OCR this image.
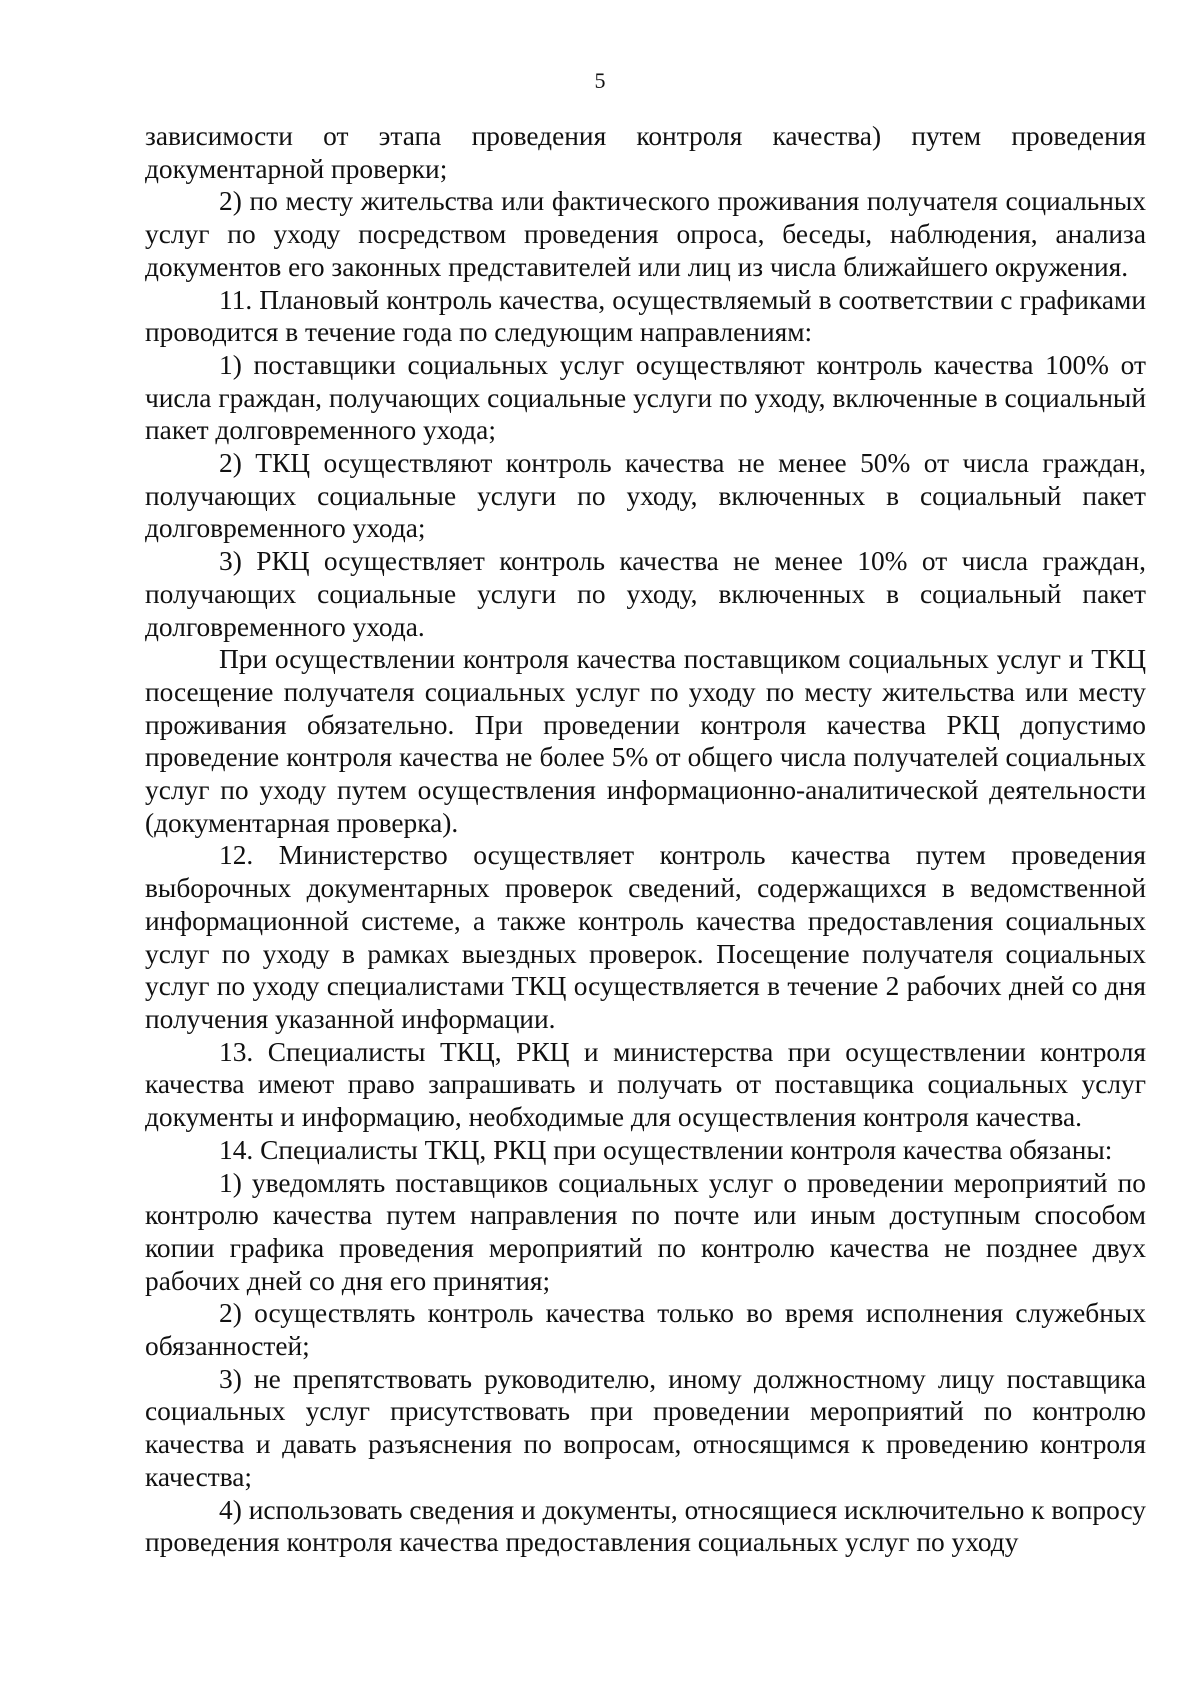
5

зависимости от этапа проведения контроля качества) путем проведения документарной проверки;

2) по месту жительства или фактического проживания получателя социальных услуг по уходу посредством проведения опроса, беседы, наблюдения, анализа документов его законных представителей или лиц из числа ближайшего окружения.

11. Плановый контроль качества, осуществляемый в соответствии с графиками проводится в течение года по следующим направлениям:

1) поставщики социальных услуг осуществляют контроль качества 100% от числа граждан, получающих социальные услуги по уходу, включенные в социальный пакет долговременного ухода;

2) ТКЦ осуществляют контроль качества не менее 50% от числа граждан, получающих социальные услуги по уходу, включенных в социальный пакет долговременного ухода;

3) РКЦ осуществляет контроль качества не менее 10% от числа граждан, получающих социальные услуги по уходу, включенных в социальный пакет долговременного ухода.

При осуществлении контроля качества поставщиком социальных услуг и ТКЦ посещение получателя социальных услуг по уходу по месту жительства или месту проживания обязательно. При проведении контроля качества РКЦ допустимо проведение контроля качества не более 5% от общего числа получателей социальных услуг по уходу путем осуществления информационно-аналитической деятельности (документарная проверка).

12. Министерство осуществляет контроль качества путем проведения выборочных документарных проверок сведений, содержащихся в ведомственной информационной системе, а также контроль качества предоставления социальных услуг по уходу в рамках выездных проверок. Посещение получателя социальных услуг по уходу специалистами ТКЦ осуществляется в течение 2 рабочих дней со дня получения указанной информации.

13. Специалисты ТКЦ, РКЦ и министерства при осуществлении контроля качества имеют право запрашивать и получать от поставщика социальных услуг документы и информацию, необходимые для осуществления контроля качества.

14. Специалисты ТКЦ, РКЦ при осуществлении контроля качества обязаны:

1) уведомлять поставщиков социальных услуг о проведении мероприятий по контролю качества путем направления по почте или иным доступным способом копии графика проведения мероприятий по контролю качества не позднее двух рабочих дней со дня его принятия;

2) осуществлять контроль качества только во время исполнения служебных обязанностей;

3) не препятствовать руководителю, иному должностному лицу поставщика социальных услуг присутствовать при проведении мероприятий по контролю качества и давать разъяснения по вопросам, относящимся к проведению контроля качества;

4) использовать сведения и документы, относящиеся исключительно к вопросу проведения контроля качества предоставления социальных услуг по уходу
